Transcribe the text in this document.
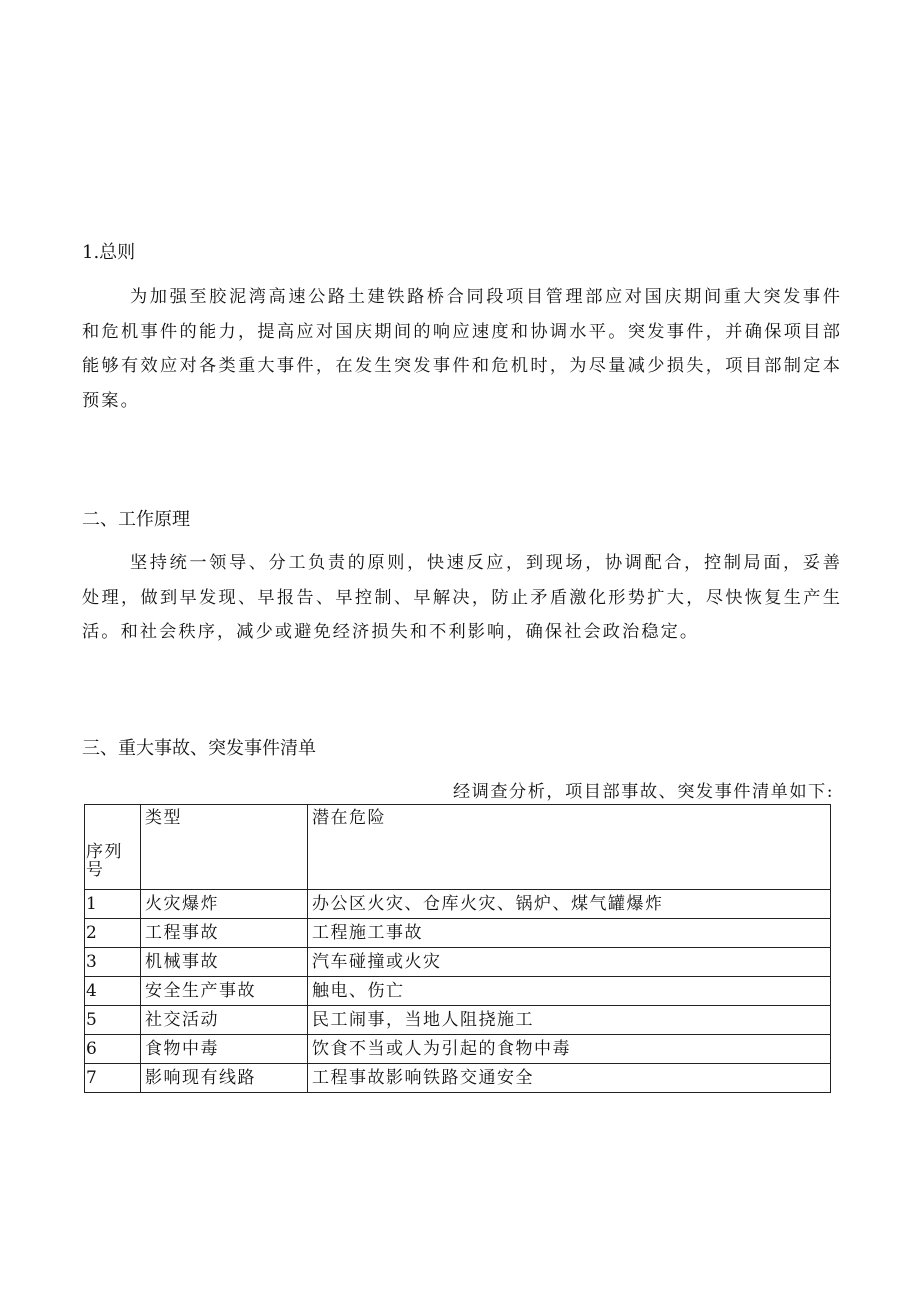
1.总则
为加强至胶泥湾高速公路土建铁路桥合同段项目管理部应对国庆期间重大突发事件和危机事件的能力，提高应对国庆期间的响应速度和协调水平。突发事件，并确保项目部能够有效应对各类重大事件，在发生突发事件和危机时，为尽量减少损失，项目部制定本预案。
二、工作原理
坚持统一领导、分工负责的原则，快速反应，到现场，协调配合，控制局面，妥善处理，做到早发现、早报告、早控制、早解决，防止矛盾激化形势扩大，尽快恢复生产生活。和社会秩序，减少或避免经济损失和不利影响，确保社会政治稳定。
三、重大事故、突发事件清单
经调查分析，项目部事故、突发事件清单如下:
序列号	类型	潜在危险
1	火灾爆炸	办公区火灾、仓库火灾、锅炉、煤气罐爆炸
2	工程事故	工程施工事故
3	机械事故	汽车碰撞或火灾
4	安全生产事故	触电、伤亡
5	社交活动	民工闹事，当地人阻挠施工
6	食物中毒	饮食不当或人为引起的食物中毒
7	影响现有线路	工程事故影响铁路交通安全
